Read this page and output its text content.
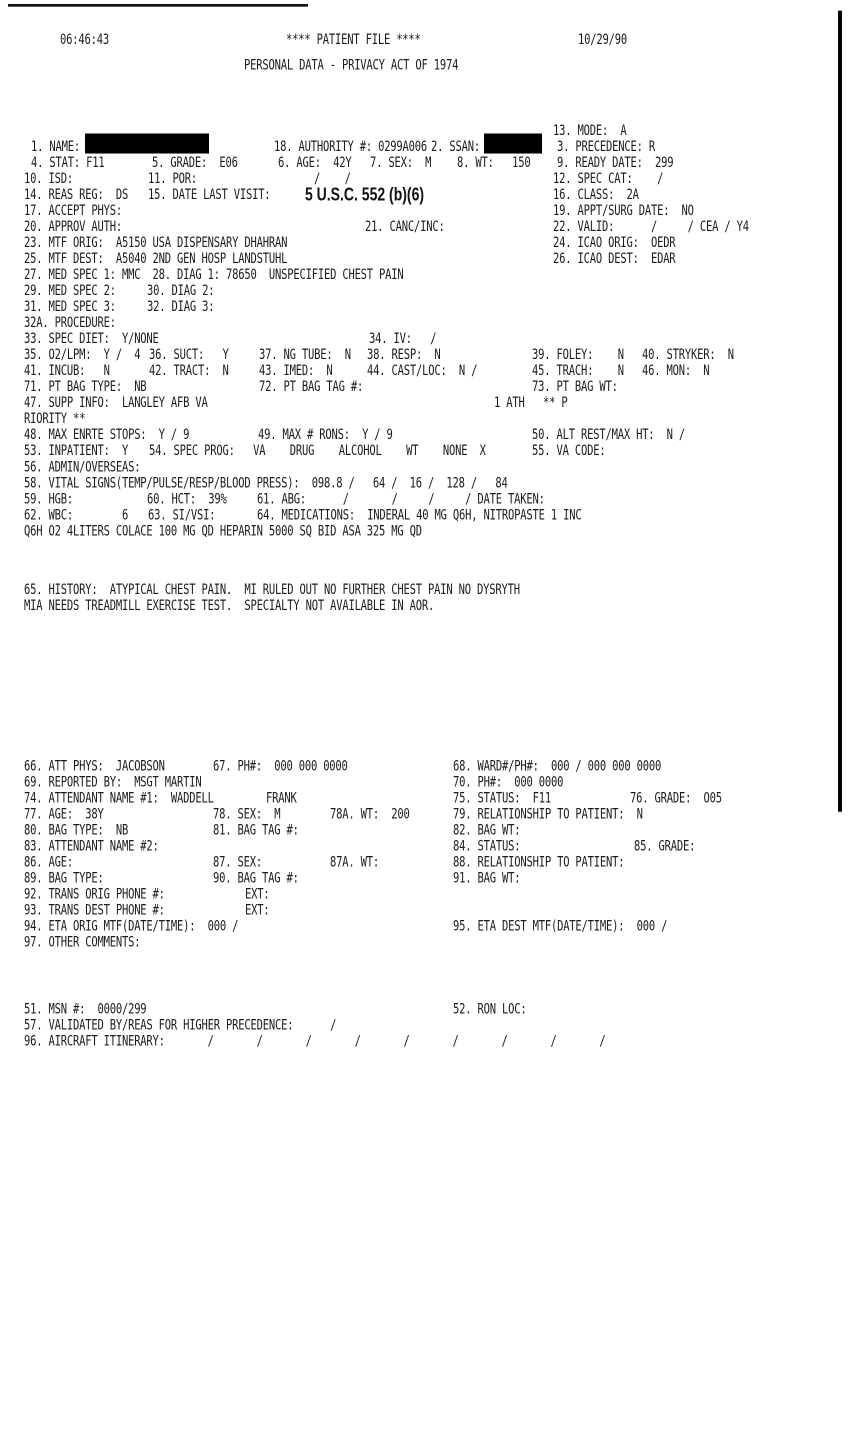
06:46:43	**** PATIENT FILE ****	10/29/90
PERSONAL DATA - PRIVACY ACT OF 1974
13. MODE:  A
1. NAME:	18. AUTHORITY #: 0299A006 2. SSAN:	3. PRECEDENCE: R
4. STAT: F11	5. GRADE:  E06	6. AGE:  42Y 7. SEX:  M 8. WT:   150	9. READY DATE:  299
10. ISD:	11. POR:	/    /	12. SPEC CAT:    /
14. REAS REG:  DS 15. DATE LAST VISIT: 5 U.S.C. 552 (b)(6)	16. CLASS:  2A
17. ACCEPT PHYS:	19. APPT/SURG DATE:  NO
20. APPROV AUTH:	21. CANC/INC:	22. VALID:      /     / CEA / Y4
23. MTF ORIG:  A5150 USA DISPENSARY DHAHRAN	24. ICAO ORIG:  OEDR
25. MTF DEST:  A5040 2ND GEN HOSP LANDSTUHL	26. ICAO DEST:  EDAR
27. MED SPEC 1: MMC  28. DIAG 1: 78650  UNSPECIFIED CHEST PAIN
29. MED SPEC 2:	30. DIAG 2:
31. MED SPEC 3:	32. DIAG 3:
32A. PROCEDURE:
33. SPEC DIET:  Y/NONE	34. IV:   /
35. O2/LPM:  Y /  4 36. SUCT:   Y	37. NG TUBE:  N 38. RESP:  N	39. FOLEY:    N 40. STRYKER:  N
41. INCUB:   N	42. TRACT:  N	43. IMED:  N	44. CAST/LOC:  N /	45. TRACH:    N 46. MON:  N
71. PT BAG TYPE:  NB	72. PT BAG TAG #:	73. PT BAG WT:
47. SUPP INFO:  LANGLEY AFB VA	1 ATH   ** P
RIORITY **
48. MAX ENRTE STOPS:  Y / 9	49. MAX # RONS:  Y / 9	50. ALT REST/MAX HT:  N /
53. INPATIENT:  Y 54. SPEC PROG:   VA    DRUG    ALCOHOL    WT    NONE  X	55. VA CODE:
56. ADMIN/OVERSEAS:
58. VITAL SIGNS(TEMP/PULSE/RESP/BLOOD PRESS):  098.8 /   64 /  16 /  128 /   84
59. HGB:	60. HCT:  39%	61. ABG:      /       /     /     / DATE TAKEN:
62. WBC:        6 63. SI/VSI:	64. MEDICATIONS:  INDERAL 40 MG Q6H, NITROPASTE 1 INC
Q6H O2 4LITERS COLACE 100 MG QD HEPARIN 5000 SQ BID ASA 325 MG QD
65. HISTORY:  ATYPICAL CHEST PAIN.  MI RULED OUT NO FURTHER CHEST PAIN NO DYSRYTH
MIA NEEDS TREADMILL EXERCISE TEST.  SPECIALTY NOT AVAILABLE IN AOR.
66. ATT PHYS:  JACOBSON	67. PH#:  000 000 0000	68. WARD#/PH#:  000 / 000 000 0000
69. REPORTED BY:  MSGT MARTIN	70. PH#:  000 0000
74. ATTENDANT NAME #1:  WADDELL	FRANK	75. STATUS:  F11	76. GRADE:  O05
77. AGE:  38Y	78. SEX:  M	78A. WT:  200	79. RELATIONSHIP TO PATIENT:  N
80. BAG TYPE:  NB	81. BAG TAG #:	82. BAG WT:
83. ATTENDANT NAME #2:	84. STATUS:	85. GRADE:
86. AGE:	87. SEX:	87A. WT:	88. RELATIONSHIP TO PATIENT:
89. BAG TYPE:	90. BAG TAG #:	91. BAG WT:
92. TRANS ORIG PHONE #:	EXT:
93. TRANS DEST PHONE #:	EXT:
94. ETA ORIG MTF(DATE/TIME):  000 /	95. ETA DEST MTF(DATE/TIME):  000 /
97. OTHER COMMENTS:
51. MSN #:  0000/299	52. RON LOC:
57. VALIDATED BY/REAS FOR HIGHER PRECEDENCE:      /
96. AIRCRAFT ITINERARY:       /       /       /       /       /       /       /       /       /
